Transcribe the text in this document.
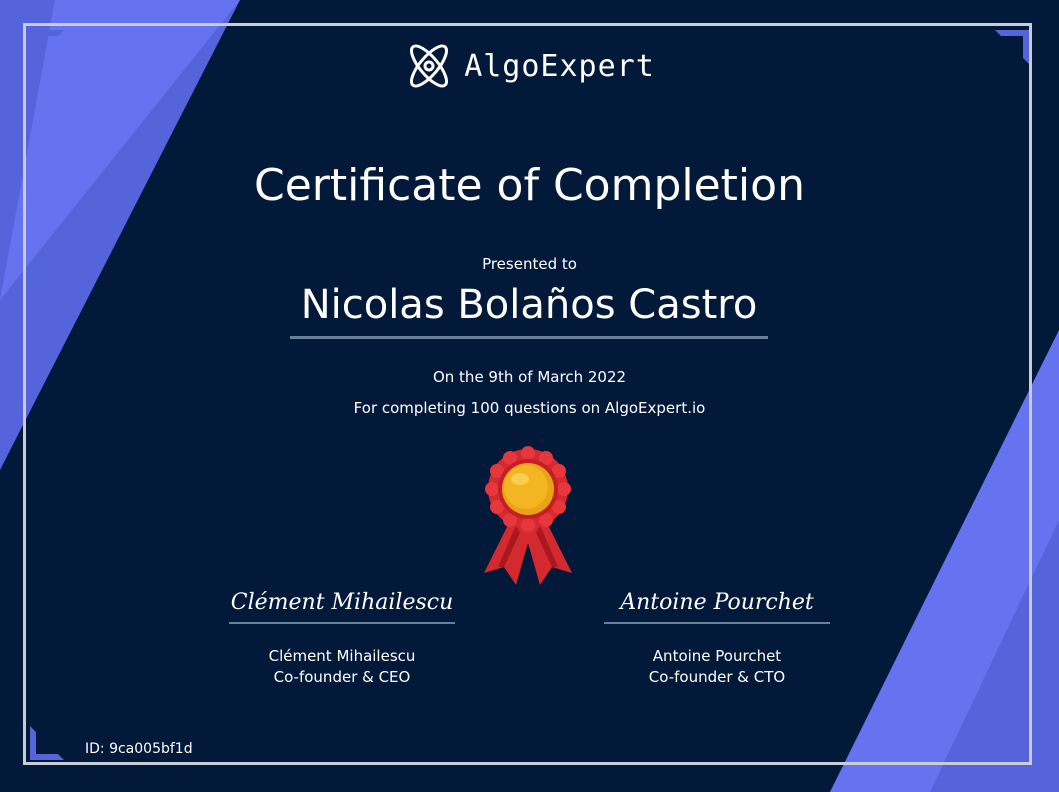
AlgoExpert
Certificate of Completion
Presented to
Nicolas Bolaños Castro
On the 9th of March 2022
For completing 100 questions on AlgoExpert.io
Clément Mihailescu
Clément Mihailescu
Co-founder & CEO
Antoine Pourchet
Antoine Pourchet
Co-founder & CTO
ID: 9ca005bf1d
